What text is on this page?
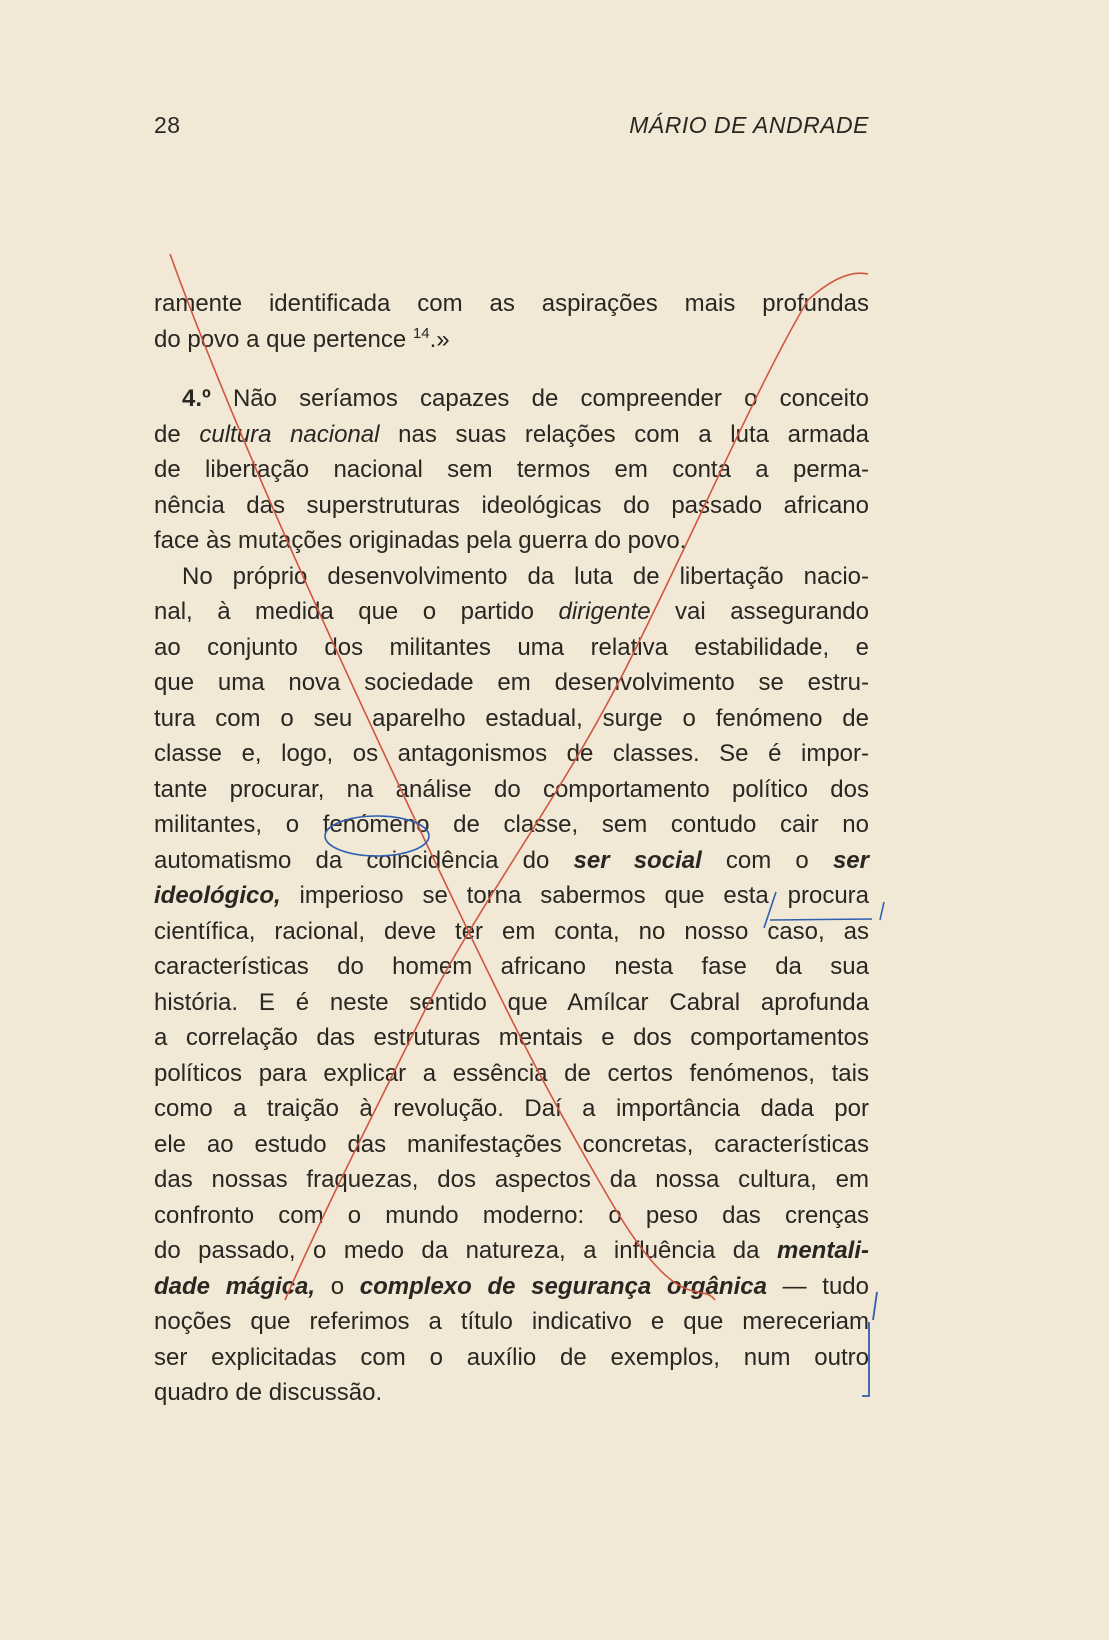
28	MÁRIO DE ANDRADE
ramente identificada com as aspirações mais profundas
do povo a que pertence $^{14}$.»
4.º Não seríamos capazes de compreender o conceito
de cultura nacional nas suas relações com a luta armada
de libertação nacional sem termos em conta a perma-
nência das superstruturas ideológicas do passado africano
face às mutações originadas pela guerra do povo.
No próprio desenvolvimento da luta de libertação nacio-
nal, à medida que o partido dirigente vai assegurando
ao conjunto dos militantes uma relativa estabilidade, e
que uma nova sociedade em desenvolvimento se estru-
tura com o seu aparelho estadual, surge o fenómeno de
classe e, logo, os antagonismos de classes. Se é impor-
tante procurar, na análise do comportamento político dos
militantes, o fenómeno de classe, sem contudo cair no
automatismo da coincidência do ser social com o ser
ideológico, imperioso se torna sabermos que esta procura
científica, racional, deve ter em conta, no nosso caso, as
características do homem africano nesta fase da sua
história. E é neste sentido que Amílcar Cabral aprofunda
a correlação das estruturas mentais e dos comportamentos
políticos para explicar a essência de certos fenómenos, tais
como a traição à revolução. Daí a importância dada por
ele ao estudo das manifestações concretas, características
das nossas fraquezas, dos aspectos da nossa cultura, em
confronto com o mundo moderno: o peso das crenças
do passado, o medo da natureza, a influência da mentali-
dade mágica, o complexo de segurança orgânica — tudo
noções que referimos a título indicativo e que mereceriam
ser explicitadas com o auxílio de exemplos, num outro
quadro de discussão.
